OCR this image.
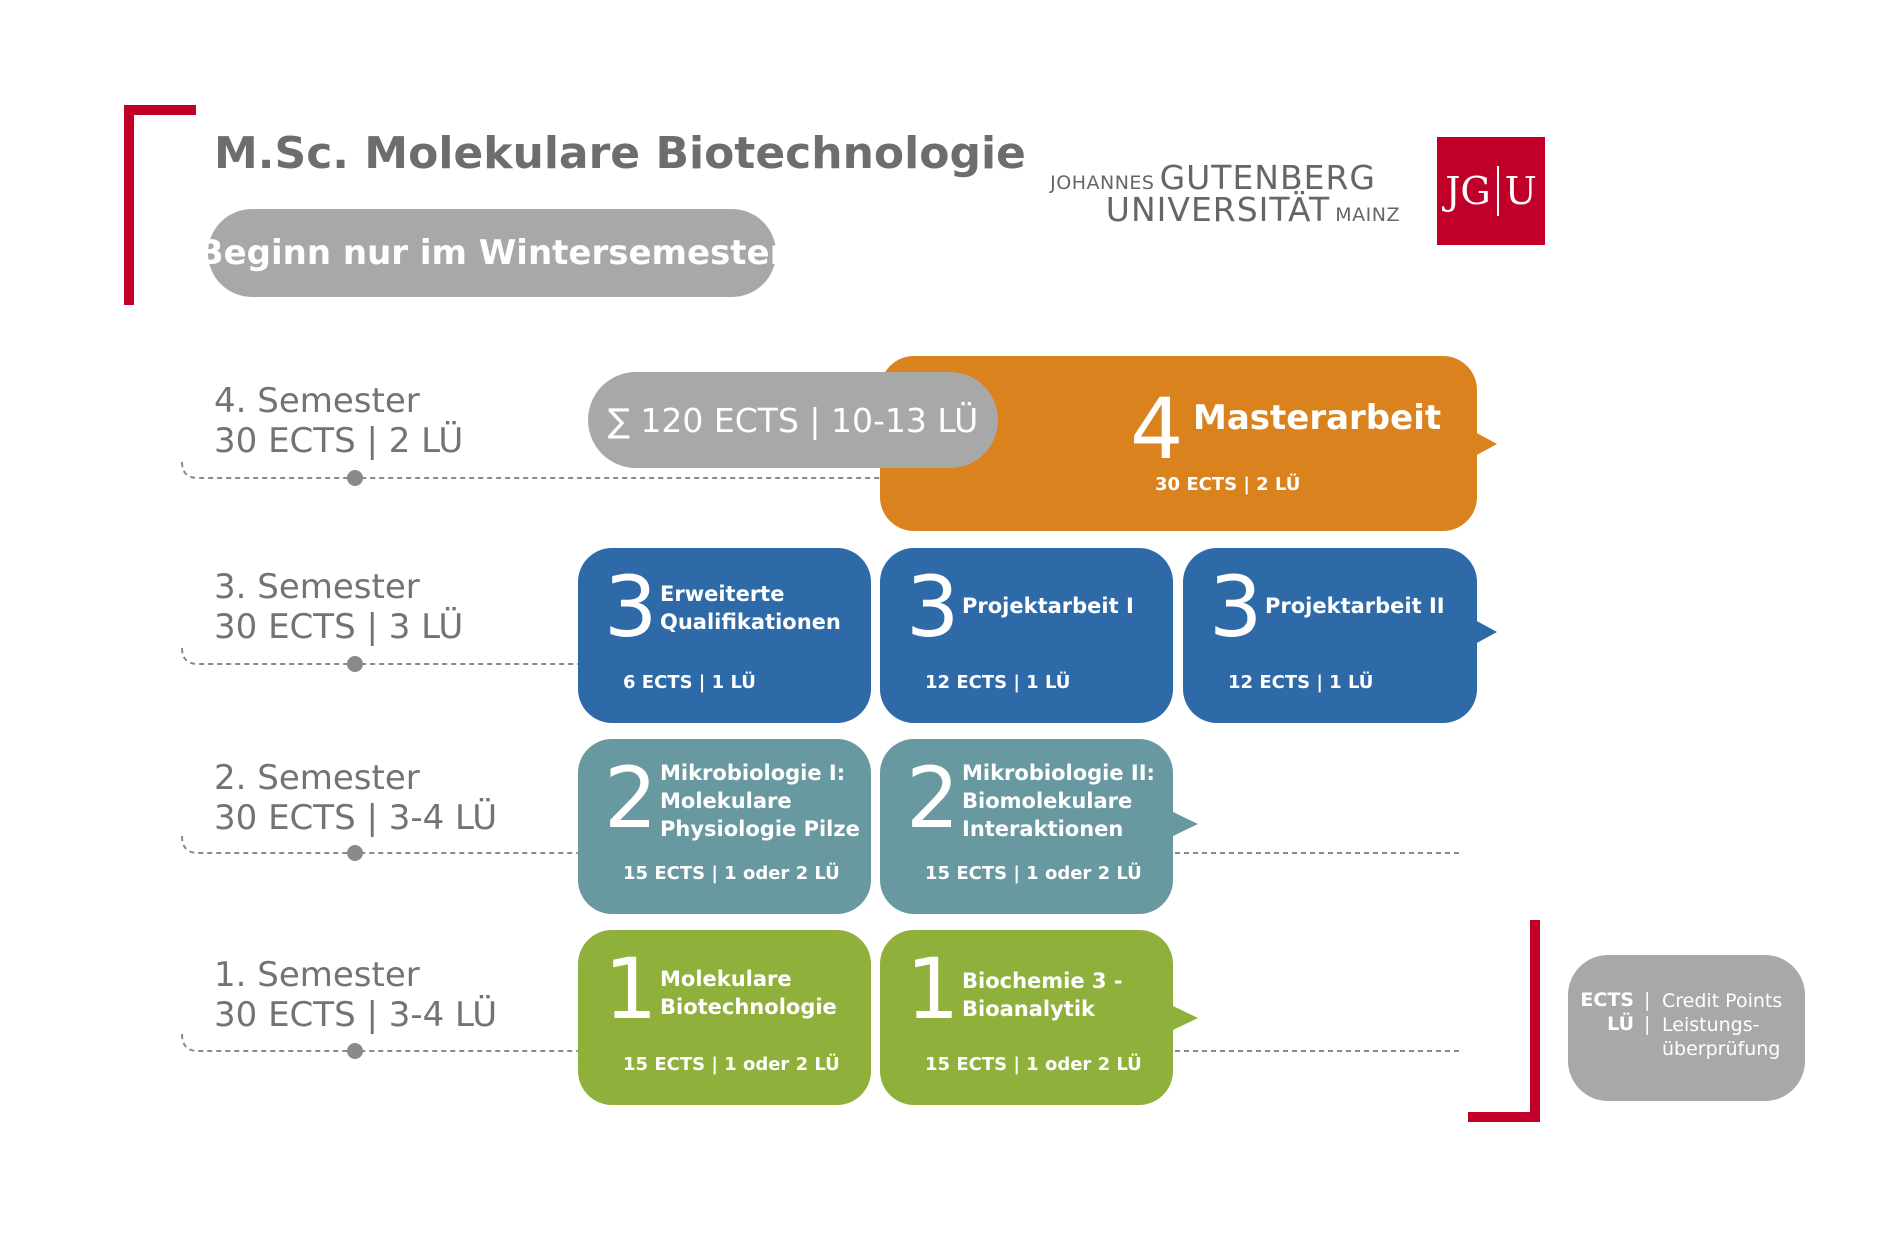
M.Sc. Molekulare Biotechnologie
Beginn nur im Wintersemester
JOHANNES GUTENBERG
UNIVERSITÄT MAINZ
JG U
4. Semester
30 ECTS | 2 LÜ
3. Semester
30 ECTS | 3 LÜ
2. Semester
30 ECTS | 3-4 LÜ
1. Semester
30 ECTS | 3-4 LÜ
4 Masterarbeit
30 ECTS | 2 LÜ
∑ 120 ECTS | 10-13 LÜ
3 Erweiterte
Qualifikationen
6 ECTS | 1 LÜ
3 Projektarbeit I
12 ECTS | 1 LÜ
3 Projektarbeit II
12 ECTS | 1 LÜ
2 Mikrobiologie I:
Molekulare
Physiologie Pilze
15 ECTS | 1 oder 2 LÜ
2 Mikrobiologie II:
Biomolekulare
Interaktionen
15 ECTS | 1 oder 2 LÜ
1 Molekulare
Biotechnologie
15 ECTS | 1 oder 2 LÜ
1 Biochemie 3 -
Bioanalytik
15 ECTS | 1 oder 2 LÜ
ECTS | Credit Points
LÜ | Leistungs-
überprüfung
